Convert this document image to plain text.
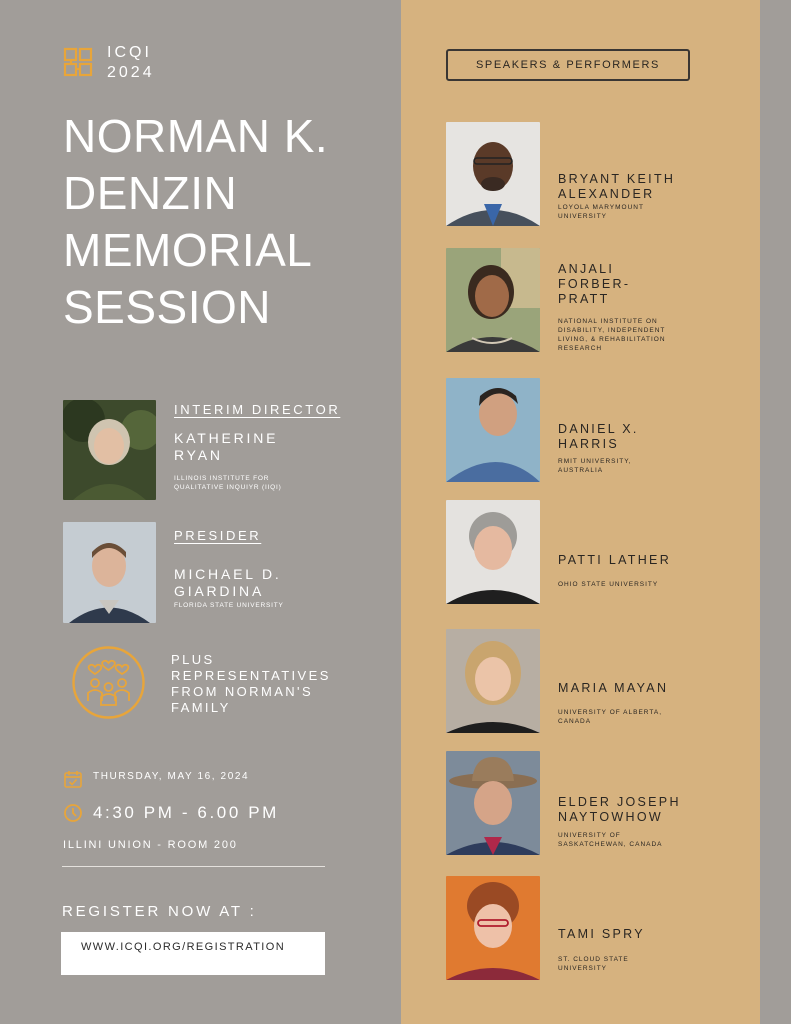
ICQI
2024
NORMAN K.
DENZIN
MEMORIAL
SESSION
INTERIM DIRECTOR
KATHERINE
RYAN
ILLINOIS INSTITUTE FOR
QUALITATIVE INQUIYR (IIQI)
PRESIDER
MICHAEL D.
GIARDINA
FLORIDA STATE UNIVERSITY
PLUS
REPRESENTATIVES
FROM NORMAN'S
FAMILY
THURSDAY, MAY 16, 2024
4:30 PM - 6.00 PM
ILLINI UNION - ROOM 200
REGISTER NOW AT :
WWW.ICQI.ORG/REGISTRATION
SPEAKERS & PERFORMERS
BRYANT KEITH
ALEXANDER
LOYOLA MARYMOUNT
UNIVERSITY
ANJALI
FORBER-
PRATT
NATIONAL INSTITUTE ON
DISABILITY, INDEPENDENT
LIVING, & REHABILITATION
RESEARCH
DANIEL X.
HARRIS
RMIT UNIVERSITY,
AUSTRALIA
PATTI LATHER
OHIO STATE UNIVERSITY
MARIA MAYAN
UNIVERSITY OF ALBERTA,
CANADA
ELDER JOSEPH
NAYTOWHOW
UNIVERSITY OF
SASKATCHEWAN, CANADA
TAMI SPRY
ST. CLOUD STATE
UNIVERSITY
